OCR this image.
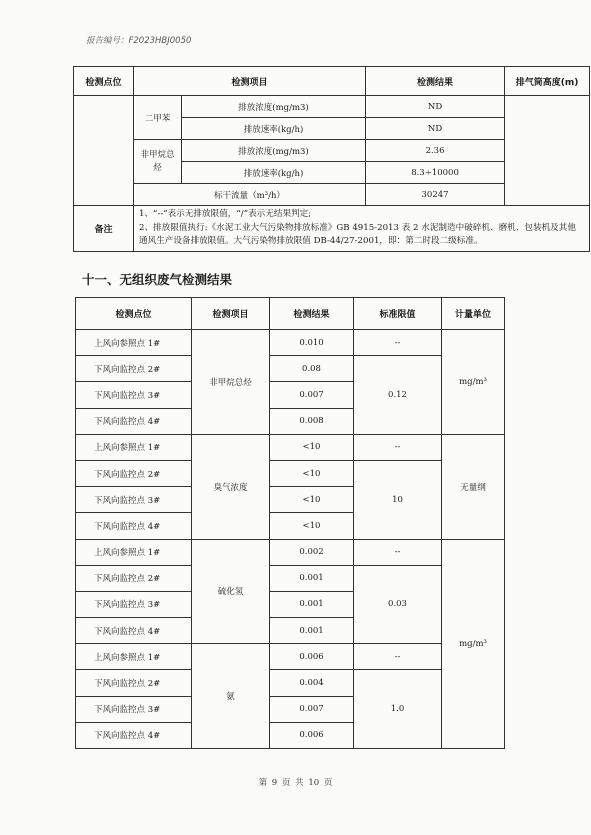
报告编号：F2023HBJ0050
检测点位	检测项目		检测结果	排气筒高度(m)
	二甲苯	排放浓度(mg/m3)	ND	
		排放速率(kg/h)	ND	
	非甲烷总烃	排放浓度(mg/m3)	2.36	
		排放速率(kg/h)	8.3÷10000	
	标干流量（m³/h）		30247	
备注	1、“--”表示无排放限值，“/”表示无结果判定;
2、排放限值执行:《水泥工业大气污染物排放标准》GB 4915-2013 表 2 水泥制造中破碎机、磨机、包装机及其他通风生产设备排放限值。大气污染物排放限值 DB-44/27-2001，即：第二时段二级标准。			
十一、无组织废气检测结果
检测点位	检测项目	检测结果	标准限值	计量单位
上风向参照点 1#	非甲烷总烃	0.010	--	mg/m³
下风向监控点 2#		0.08	0.12	
下风向监控点 3#		0.007		
下风向监控点 4#		0.008		
上风向参照点 1#	臭气浓度	<10	--	无量纲
下风向监控点 2#		<10	10	
下风向监控点 3#		<10		
下风向监控点 4#		<10		
上风向参照点 1#	硫化氢	0.002	--	mg/m³
下风向监控点 2#		0.001	0.03	
下风向监控点 3#		0.001		
下风向监控点 4#		0.001		
上风向参照点 1#	氨	0.006	--	
下风向监控点 2#		0.004	1.0	
下风向监控点 3#		0.007		
下风向监控点 4#		0.006		
第 9 页 共 10 页
